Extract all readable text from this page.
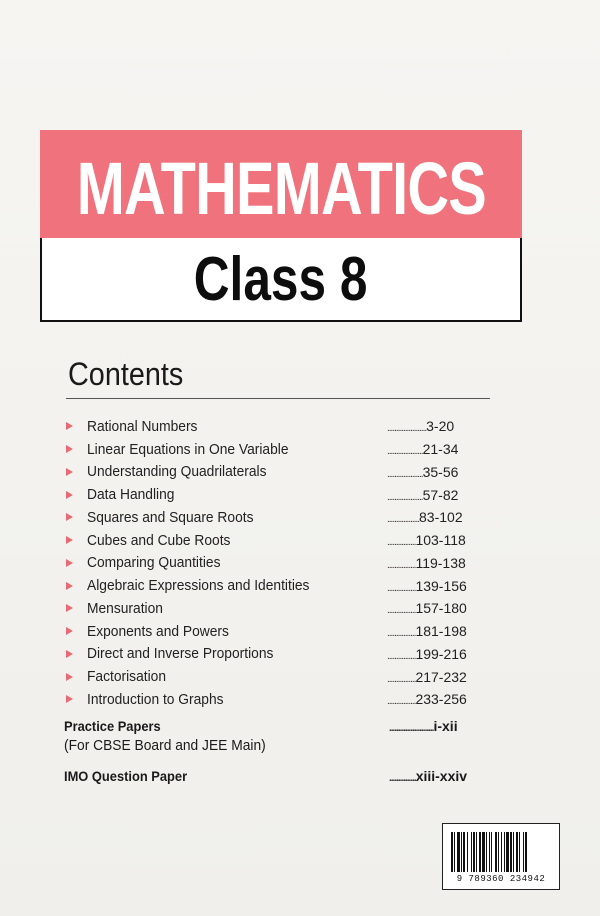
MATHEMATICS
Class 8
Contents
Rational Numbers	......................3-20
Linear Equations in One Variable	....................21-34
Understanding Quadrilaterals	....................35-56
Data Handling	....................57-82
Squares and Square Roots	..................83-102
Cubes and Cube Roots	................103-118
Comparing Quantities	................119-138
Algebraic Expressions and Identities	................139-156
Mensuration	................157-180
Exponents and Powers	................181-198
Direct and Inverse Proportions	................199-216
Factorisation	................217-232
Introduction to Graphs	................233-256
Practice Papers	.........................i-xii
(For CBSE Board and JEE Main)
IMO Question Paper	...............xiii-xxiv
9 789360 234942
